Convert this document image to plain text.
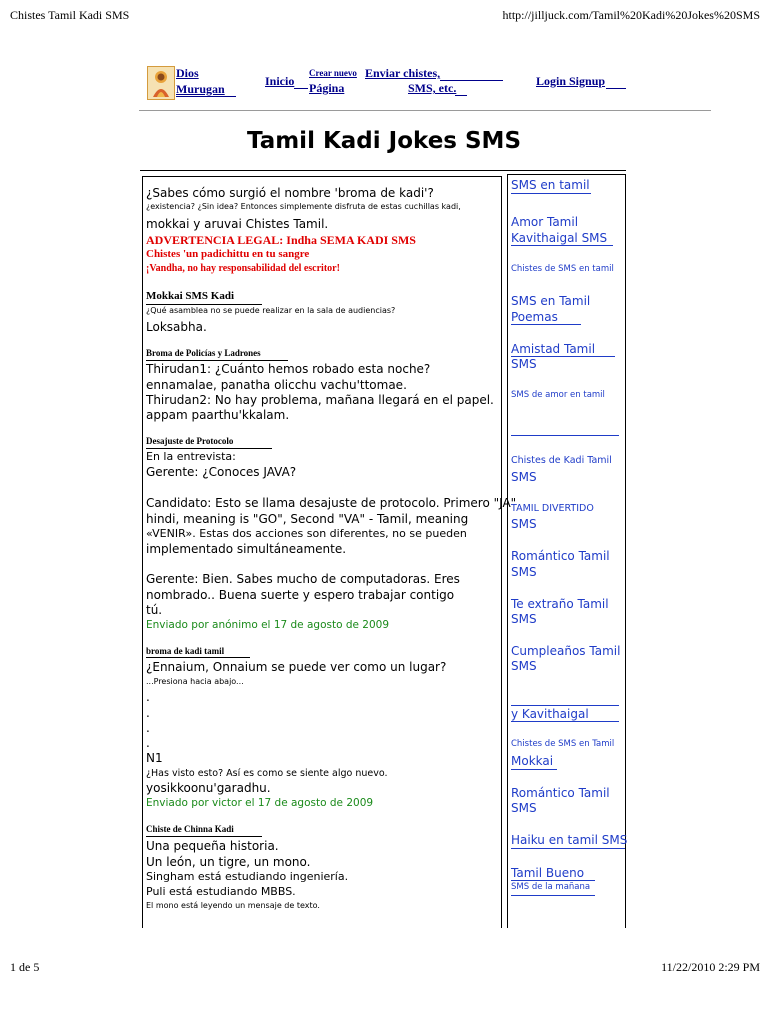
Chistes Tamil Kadi SMS	http://jilljuck.com/Tamil%20Kadi%20Jokes%20SMS
1 de 5	11/22/2010 2:29 PM
Dios
Murugan
Inicio
Crear nuevo Enviar chistes,
Página	SMS, etc.	Login Signup
Tamil Kadi Jokes SMS
¿Sabes cómo surgió el nombre 'broma de kadi'?
¿existencia? ¿Sin idea? Entonces simplemente disfruta de estas cuchillas kadi,
mokkai y aruvai Chistes Tamil.
ADVERTENCIA LEGAL: Indha SEMA KADI SMS
Chistes 'un padichittu en tu sangre
¡Vandha, no hay responsabilidad del escritor!
Mokkai SMS Kadi
¿Qué asamblea no se puede realizar en la sala de audiencias?
Loksabha.
Broma de Policías y Ladrones
Thirudan1: ¿Cuánto hemos robado esta noche?
ennamalae, panatha olicchu vachu'ttomae.
Thirudan2: No hay problema, mañana llegará en el papel.
appam paarthu'kkalam.
Desajuste de Protocolo
En la entrevista:
Gerente: ¿Conoces JAVA?
Candidato: Esto se llama desajuste de protocolo. Primero "JA"
hindi, meaning is "GO", Second "VA" - Tamil, meaning
«VENIR». Estas dos acciones son diferentes, no se pueden
implementado simultáneamente.
Gerente: Bien. Sabes mucho de computadoras. Eres
nombrado.. Buena suerte y espero trabajar contigo
tú.
Enviado por anónimo el 17 de agosto de 2009
broma de kadi tamil
¿Ennaium, Onnaium se puede ver como un lugar?
...Presiona hacia abajo...
.
.
.
.
N1
¿Has visto esto? Así es como se siente algo nuevo.
yosikkoonu'garadhu.
Enviado por victor el 17 de agosto de 2009
Chiste de Chinna Kadi
Una pequeña historia.
Un león, un tigre, un mono.
Singham está estudiando ingeniería.
Puli está estudiando MBBS.
El mono está leyendo un mensaje de texto.
SMS en tamil
Amor Tamil
Kavithaigal SMS
Chistes de SMS en tamil
SMS en Tamil
Poemas
Amistad Tamil
SMS
SMS de amor en tamil
Chistes de Kadi Tamil
SMS
TAMIL DIVERTIDO
SMS
Romántico Tamil
SMS
Te extraño Tamil
SMS
Cumpleaños Tamil
SMS
y Kavithaigal
Chistes de SMS en Tamil
Mokkai
Romántico Tamil
SMS
Haiku en tamil SMS
Tamil Bueno
SMS de la mañana
